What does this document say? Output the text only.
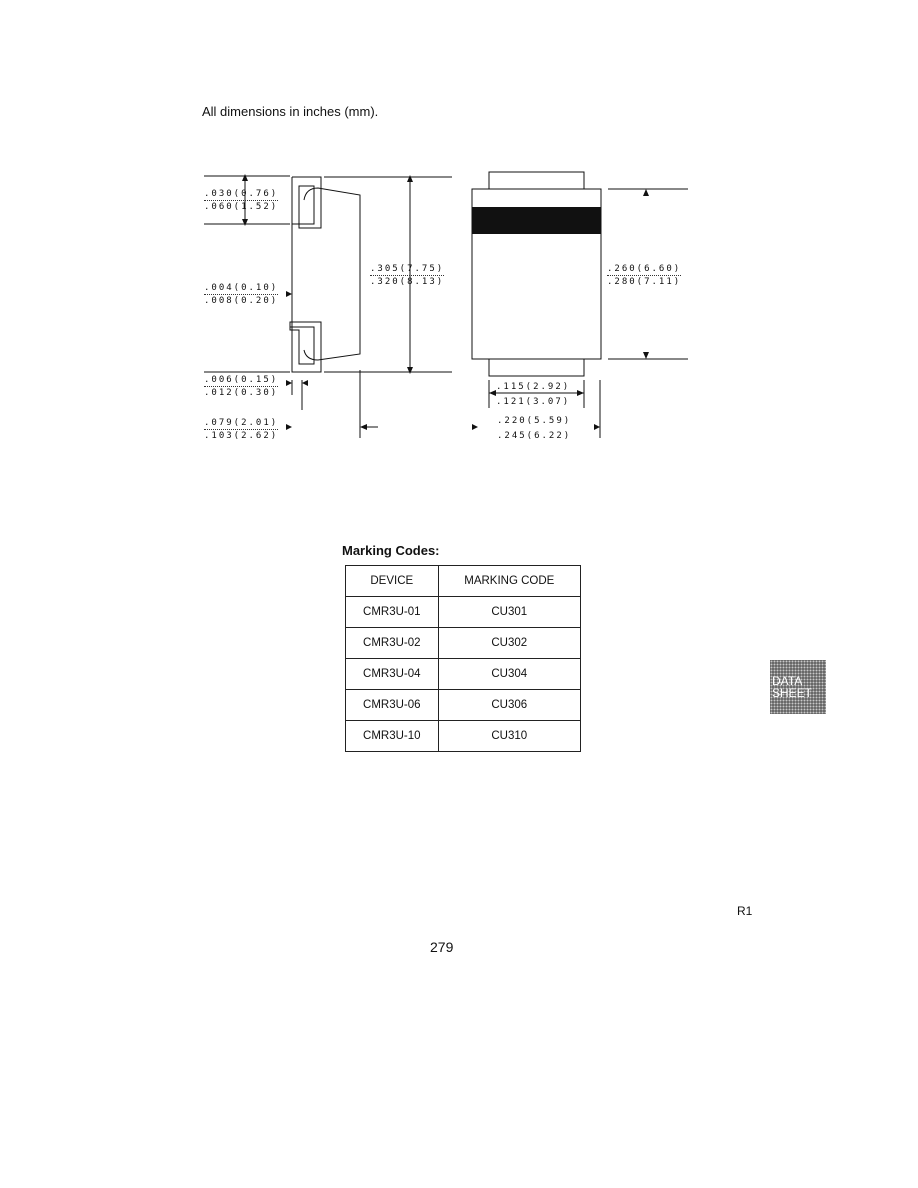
All dimensions in inches (mm).
.030(0.76)
.060(1.52)
.004(0.10)
.008(0.20)
.006(0.15)
.012(0.30)
.079(2.01)
.103(2.62)
.305(7.75)
.320(8.13)
.260(6.60)
.280(7.11)
.115(2.92)
.121(3.07)
.220(5.59)
.245(6.22)
Marking Codes:
DEVICE	MARKING CODE
CMR3U-01	CU301
CMR3U-02	CU302
CMR3U-04	CU304
CMR3U-06	CU306
CMR3U-10	CU310
DATA
SHEET
R1
279
